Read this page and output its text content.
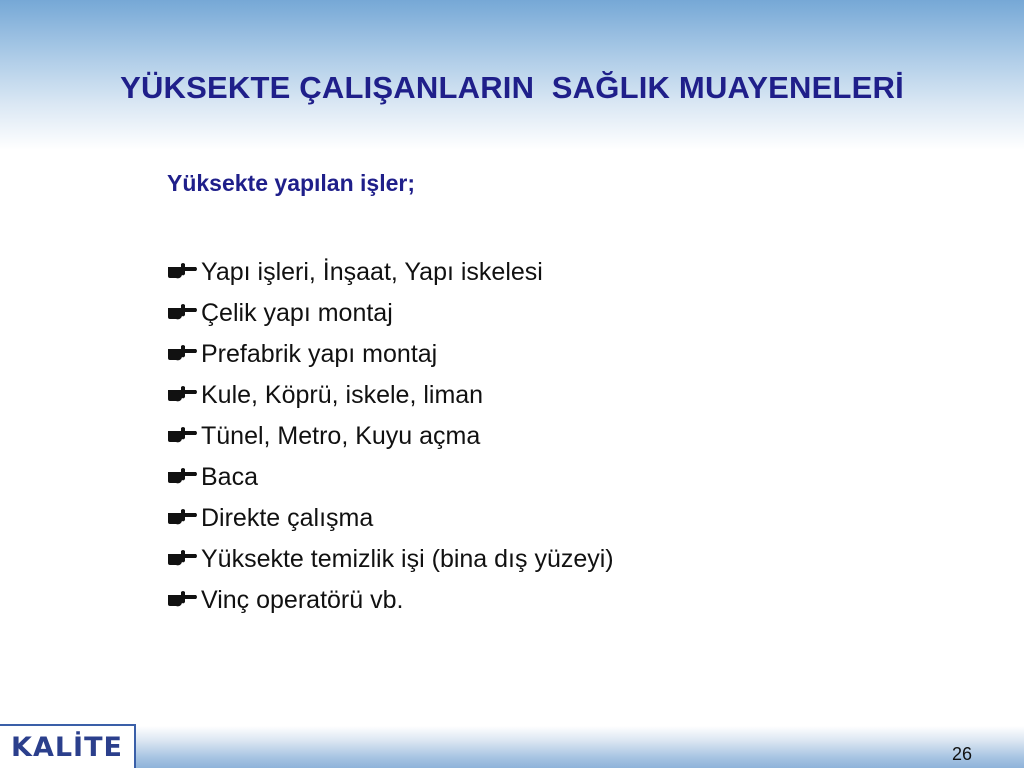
YÜKSEKTE ÇALIŞANLARIN  SAĞLIK MUAYENELERİ
Yüksekte yapılan işler;
Yapı işleri, İnşaat, Yapı iskelesi
Çelik yapı montaj
Prefabrik yapı montaj
Kule, Köprü, iskele, liman
Tünel, Metro, Kuyu açma
Baca
Direkte çalışma
Yüksekte temizlik işi (bina dış yüzeyi)
Vinç operatörü vb.
KALİTE	26
